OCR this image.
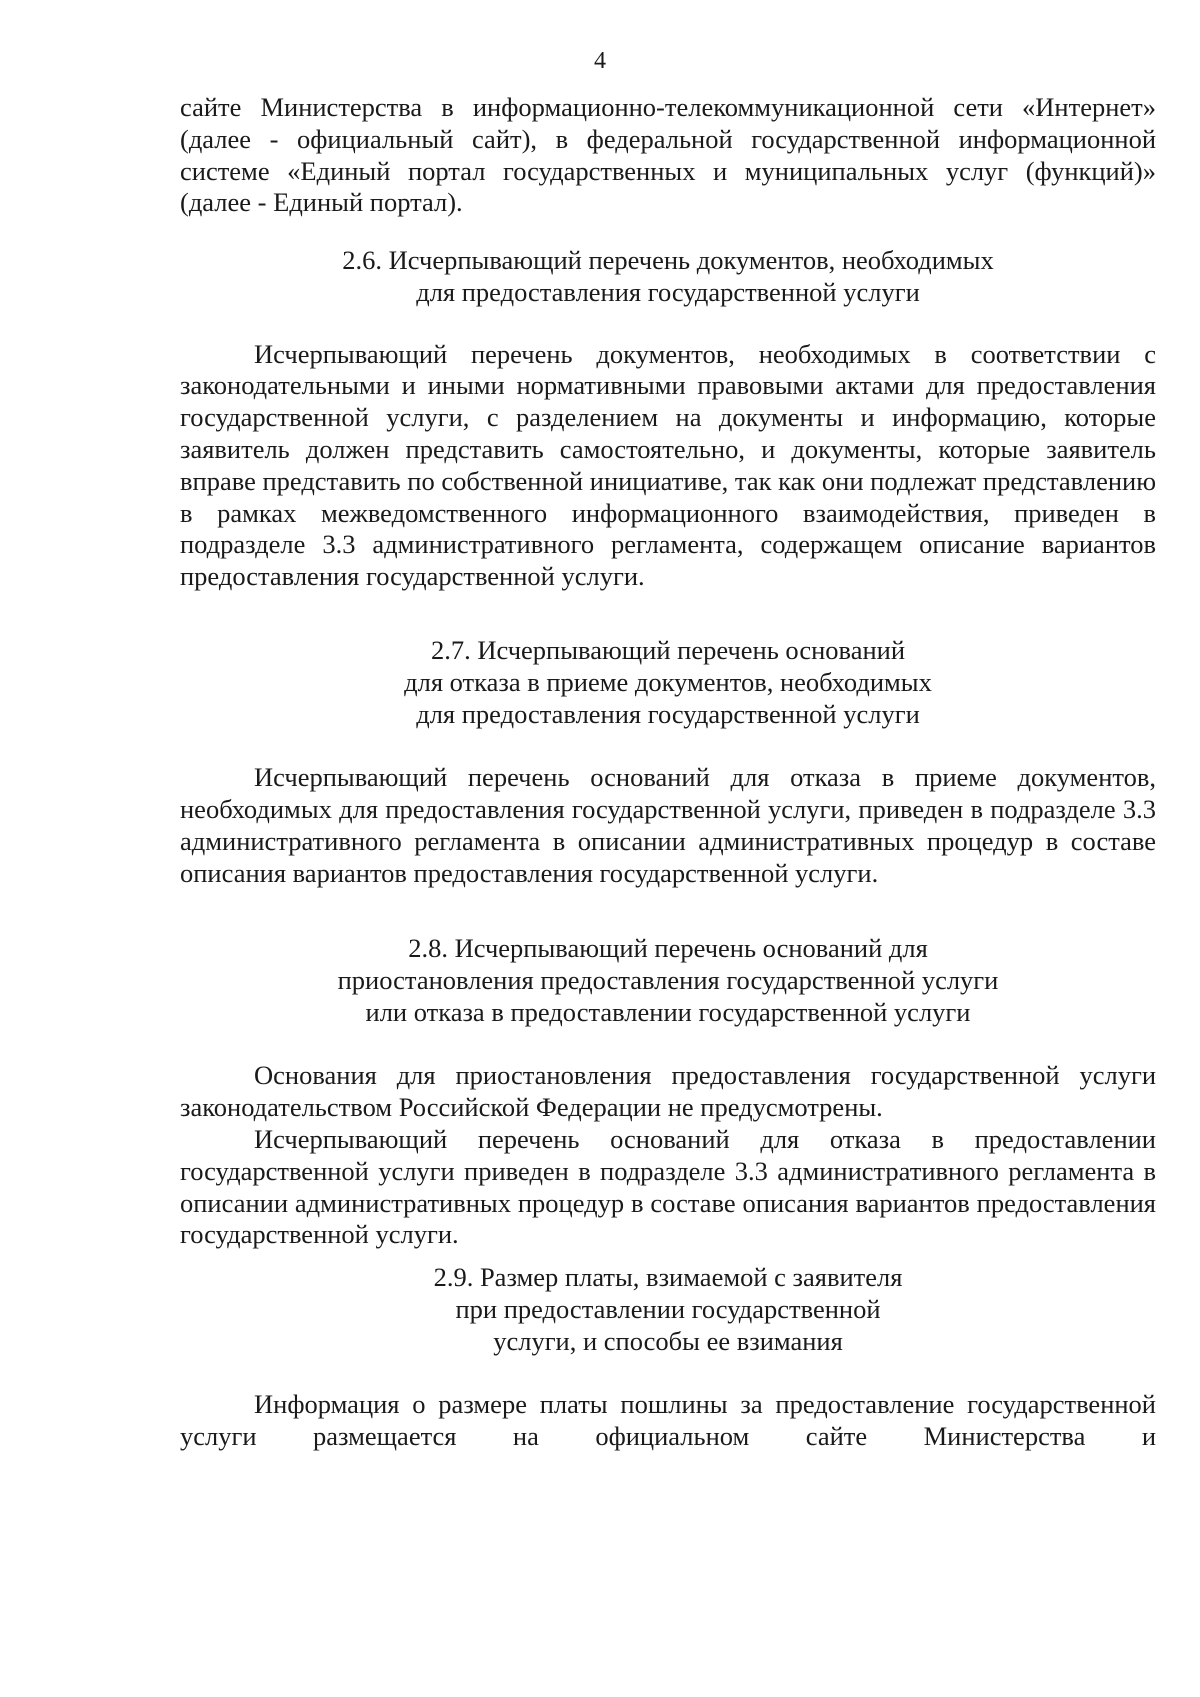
4

сайте Министерства в информационно-телекоммуникационной сети «Интернет» (далее - официальный сайт), в федеральной государственной информационной системе «Единый портал государственных и муниципальных услуг (функций)» (далее - Единый портал).

2.6. Исчерпывающий перечень документов, необходимых
для предоставления государственной услуги

Исчерпывающий перечень документов, необходимых в соответствии с законодательными и иными нормативными правовыми актами для предоставления государственной услуги, с разделением на документы и информацию, которые заявитель должен представить самостоятельно, и документы, которые заявитель вправе представить по собственной инициативе, так как они подлежат представлению в рамках межведомственного информационного взаимодействия, приведен в подразделе 3.3 административного регламента, содержащем описание вариантов предоставления государственной услуги.

2.7. Исчерпывающий перечень оснований
для отказа в приеме документов, необходимых
для предоставления государственной услуги

Исчерпывающий перечень оснований для отказа в приеме документов, необходимых для предоставления государственной услуги, приведен в подразделе 3.3 административного регламента в описании административных процедур в составе описания вариантов предоставления государственной услуги.

2.8. Исчерпывающий перечень оснований для
приостановления предоставления государственной услуги
или отказа в предоставлении государственной услуги

Основания для приостановления предоставления государственной услуги законодательством Российской Федерации не предусмотрены.

Исчерпывающий перечень оснований для отказа в предоставлении государственной услуги приведен в подразделе 3.3 административного регламента в описании административных процедур в составе описания вариантов предоставления государственной услуги.

2.9. Размер платы, взимаемой с заявителя
при предоставлении государственной
услуги, и способы ее взимания

Информация о размере платы пошлины за предоставление государственной услуги размещается на официальном сайте Министерства и
